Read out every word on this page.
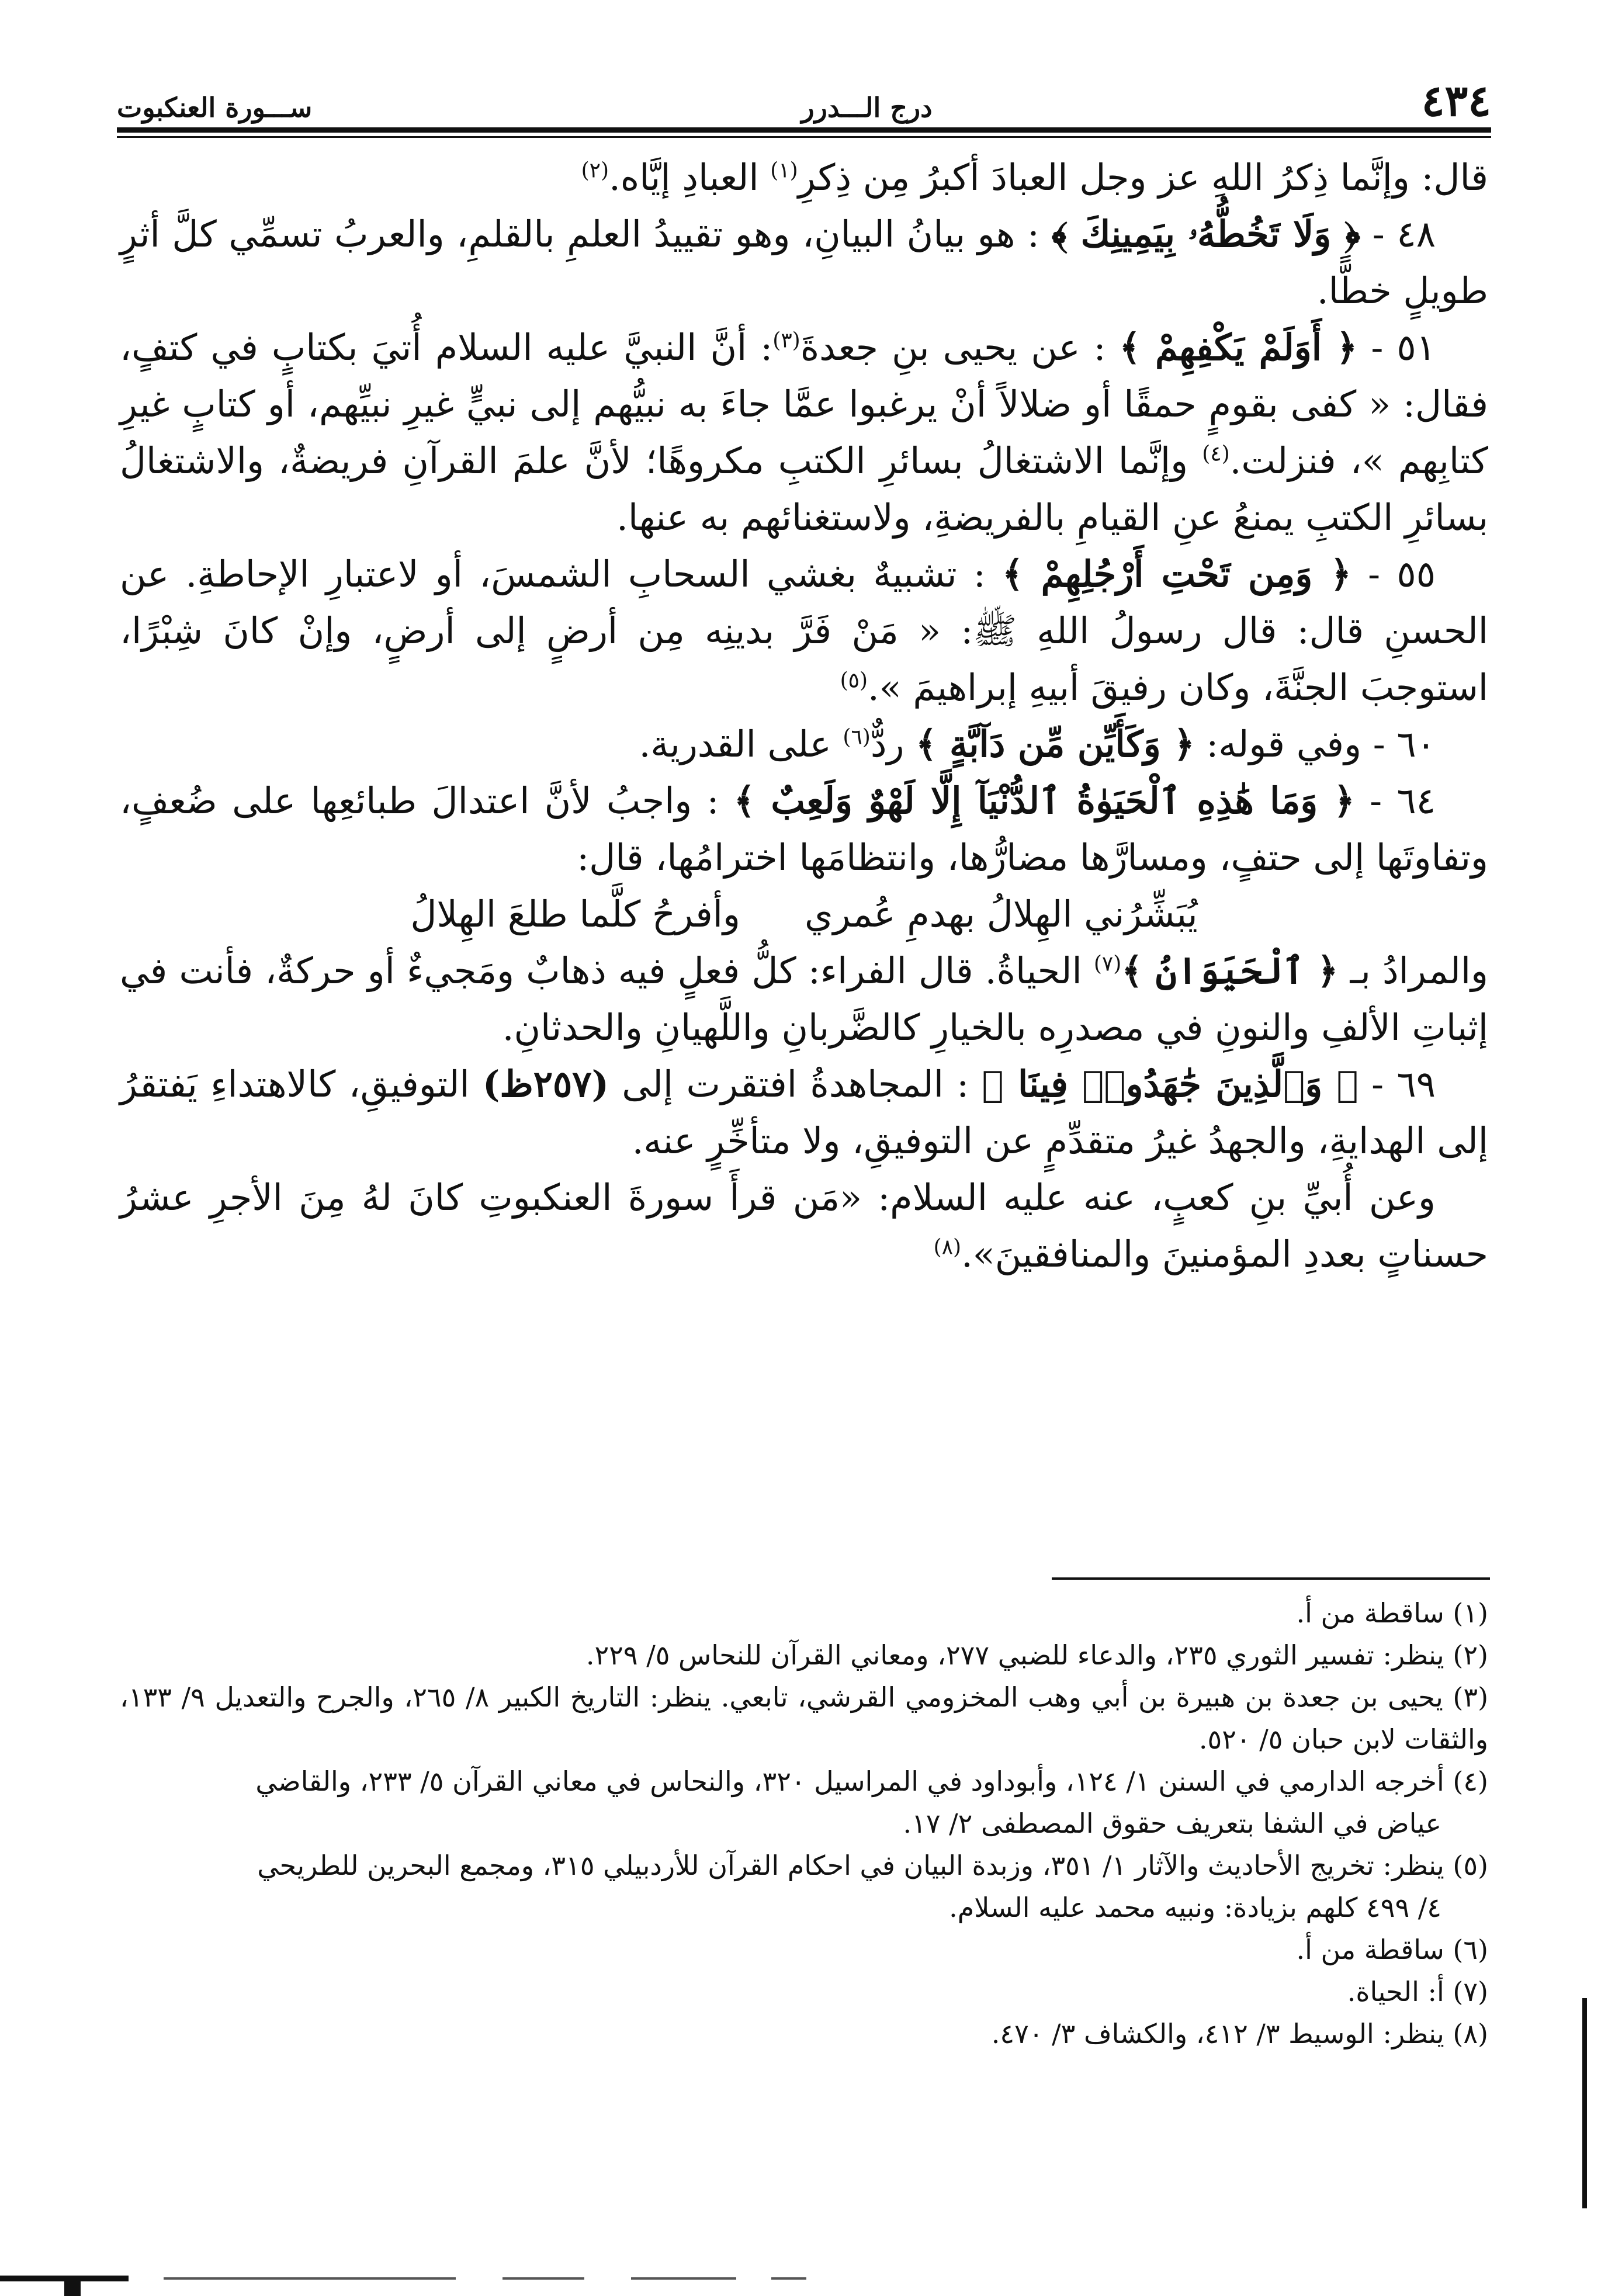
٤٣٤
درج الـــدرر
ســـورة العنكبوت

قال: وإنَّما ذِكرُ اللهِ عز وجل العبادَ أكبرُ مِن ذِكرِ$^{(١)}$ العبادِ إيَّاه.$^{(٢)}$

٤٨ - ﴿ وَلَا تَخُطُّهُۥ بِيَمِينِكَ ﴾ : هو بيانُ البيانِ، وهو تقييدُ العلمِ بالقلمِ، والعربُ تسمِّي كلَّ أثرٍ طويلٍ خطًّا.

٥١ - ﴿ أَوَلَمْ يَكْفِهِمْ ﴾ : عن يحيى بنِ جعدةَ$^{(٣)}$: أنَّ النبيَّ عليه السلام أُتيَ بكتابٍ في كتفٍ، فقال: « كفى بقومٍ حمقًا أو ضلالاً أنْ يرغبوا عمَّا جاءَ به نبيُّهم إلى نبيٍّ غيرِ نبيِّهم، أو كتابٍ غيرِ كتابِهم »، فنزلت.$^{(٤)}$ وإنَّما الاشتغالُ بسائرِ الكتبِ مكروهًا؛ لأنَّ علمَ القرآنِ فريضةٌ، والاشتغالُ بسائرِ الكتبِ يمنعُ عنِ القيامِ بالفريضةِ، ولاستغنائهم به عنها.

٥٥ - ﴿ وَمِن تَحْتِ أَرْجُلِهِمْ ﴾ : تشبيهٌ بغشي السحابِ الشمسَ، أو لاعتبارِ الإحاطةِ. عن الحسنِ قال: قال رسولُ اللهِ ﷺ: « مَنْ فَرَّ بدينِه مِن أرضٍ إلى أرضٍ، وإنْ كانَ شِبْرًا، استوجبَ الجنَّةَ، وكان رفيقَ أبيهِ إبراهيمَ ».$^{(٥)}$

٦٠ - وفي قوله: ﴿ وَكَأَيِّن مِّن دَآبَّةٍ ﴾ ردٌّ$^{(٦)}$ على القدرية.

٦٤ - ﴿ وَمَا هَٰذِهِ ٱلْحَيَوٰةُ ٱلدُّنْيَآ إِلَّا لَهْوٌ وَلَعِبٌ ﴾ : واجبُ لأنَّ اعتدالَ طبائعِها على ضُعفٍ، وتفاوتَها إلى حتفٍ، ومسارَّها مضارُّها، وانتظامَها اخترامُها، قال:

يُبَشِّرُني الهِلالُ بهدمِ عُمري
وأفرحُ كلَّما طلعَ الهِلالُ

والمرادُ بـ ﴿ ٱلْحَيَوَانُ ﴾$^{(٧)}$ الحياةُ. قال الفراء: كلُّ فعلٍ فيه ذهابٌ ومَجيءٌ أو حركةٌ، فأنت في إثباتِ الألفِ والنونِ في مصدرِه بالخيارِ كالضَّربانِ واللَّهيانِ والحدثانِ.

٦٩ - ﴿ وَٱلَّذِينَ جَٰهَدُوا۟ فِينَا ﴾ : المجاهدةُ افتقرت إلى (٢٥٧ظ) التوفيقِ، كالاهتداءِ يَفتقرُ إلى الهدايةِ، والجهدُ غيرُ متقدِّمٍ عن التوفيقِ، ولا متأخِّرٍ عنه.

وعن أُبيِّ بنِ كعبٍ، عنه عليه السلام: «مَن قرأَ سورةَ العنكبوتِ كانَ لهُ مِنَ الأجرِ عشرُ حسناتٍ بعددِ المؤمنينَ والمنافقينَ».$^{(٨)}$

(١) ساقطة من أ.

(٢) ينظر: تفسير الثوري ٢٣٥، والدعاء للضبي ٢٧٧، ومعاني القرآن للنحاس ٥/ ٢٢٩.

(٣) يحيى بن جعدة بن هبيرة بن أبي وهب المخزومي القرشي، تابعي. ينظر: التاريخ الكبير ٨/ ٢٦٥، والجرح والتعديل ٩/ ١٣٣، والثقات لابن حبان ٥/ ٥٢٠.

(٤) أخرجه الدارمي في السنن ١/ ١٢٤، وأبوداود في المراسيل ٣٢٠، والنحاس في معاني القرآن ٥/ ٢٣٣، والقاضي

عياض في الشفا بتعريف حقوق المصطفى ٢/ ١٧.

(٥) ينظر: تخريج الأحاديث والآثار ١/ ٣٥١، وزبدة البيان في احكام القرآن للأردبيلي ٣١٥، ومجمع البحرين للطريحي

٤/ ٤٩٩ كلهم بزيادة: ونبيه محمد عليه السلام.

(٦) ساقطة من أ.

(٧) أ: الحياة.

(٨) ينظر: الوسيط ٣/ ٤١٢، والكشاف ٣/ ٤٧٠.
